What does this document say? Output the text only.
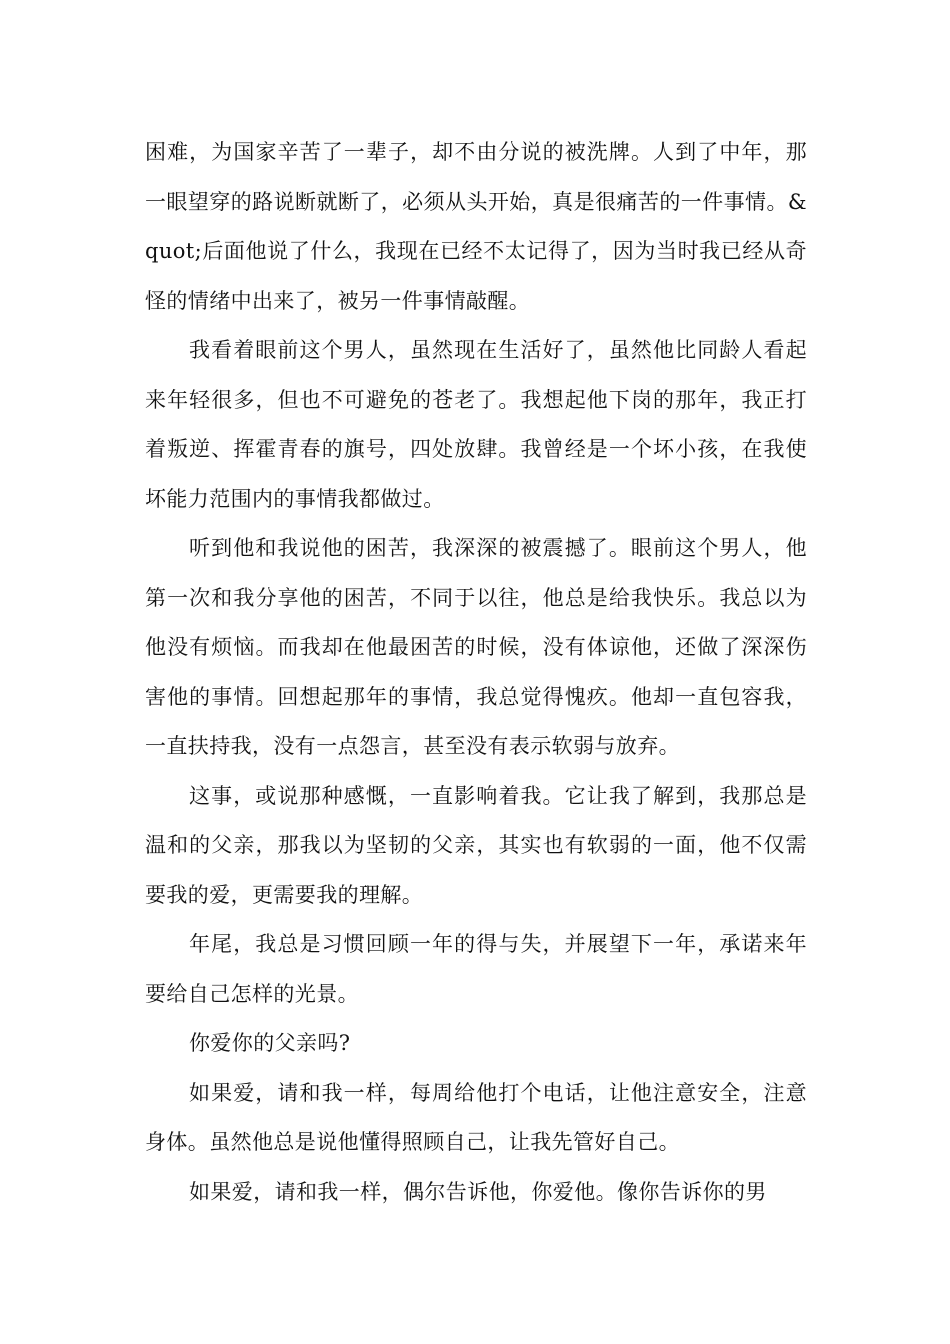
困难，为国家辛苦了一辈子，却不由分说的被洗牌。人到了中年，那一眼望穿的路说断就断了，必须从头开始，真是很痛苦的一件事情。&quot;后面他说了什么，我现在已经不太记得了，因为当时我已经从奇怪的情绪中出来了，被另一件事情敲醒。

我看着眼前这个男人，虽然现在生活好了，虽然他比同龄人看起来年轻很多，但也不可避免的苍老了。我想起他下岗的那年，我正打着叛逆、挥霍青春的旗号，四处放肆。我曾经是一个坏小孩，在我使坏能力范围内的事情我都做过。

听到他和我说他的困苦，我深深的被震撼了。眼前这个男人，他第一次和我分享他的困苦，不同于以往，他总是给我快乐。我总以为他没有烦恼。而我却在他最困苦的时候，没有体谅他，还做了深深伤害他的事情。回想起那年的事情，我总觉得愧疚。他却一直包容我，一直扶持我，没有一点怨言，甚至没有表示软弱与放弃。

这事，或说那种感慨，一直影响着我。它让我了解到，我那总是温和的父亲，那我以为坚韧的父亲，其实也有软弱的一面，他不仅需要我的爱，更需要我的理解。

年尾，我总是习惯回顾一年的得与失，并展望下一年，承诺来年要给自己怎样的光景。

你爱你的父亲吗?

如果爱，请和我一样，每周给他打个电话，让他注意安全，注意身体。虽然他总是说他懂得照顾自己，让我先管好自己。

如果爱，请和我一样，偶尔告诉他，你爱他。像你告诉你的男
